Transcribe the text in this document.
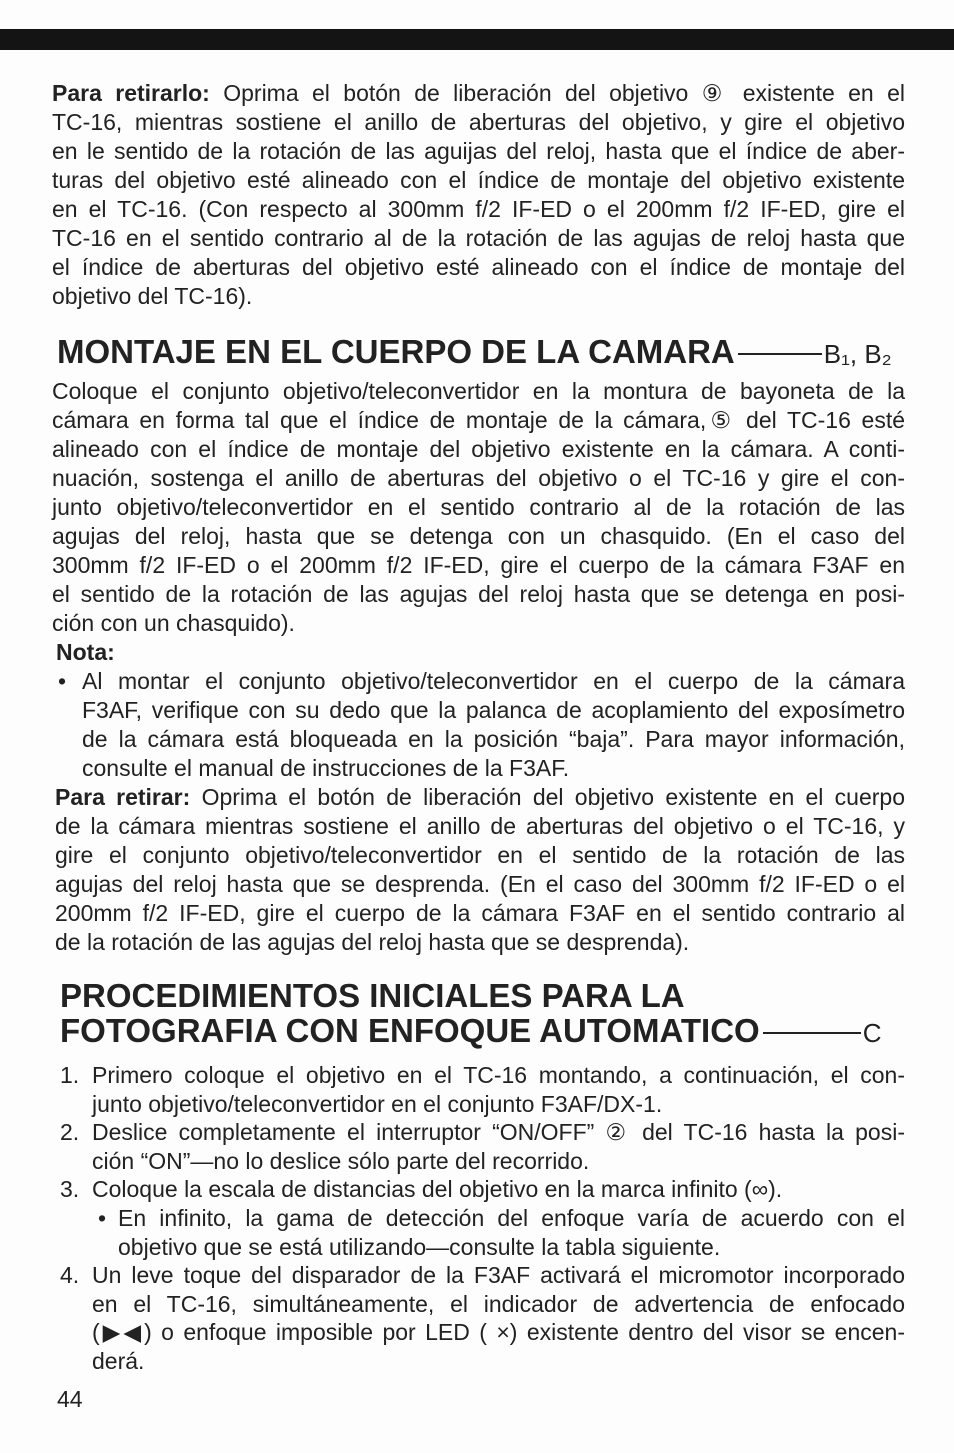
Para retirarlo: Oprima el botón de liberación del objetivo ⑨ existente en el
TC-16, mientras sostiene el anillo de aberturas del objetivo, y gire el objetivo
en le sentido de la rotación de las aguijas del reloj, hasta que el índice de aber-
turas del objetivo esté alineado con el índice de montaje del objetivo existente
en el TC-16. (Con respecto al 300mm f/2 IF-ED o el 200mm f/2 IF-ED, gire el
TC-16 en el sentido contrario al de la rotación de las agujas de reloj hasta que
el índice de aberturas del objetivo esté alineado con el índice de montaje del
objetivo del TC-16).
MONTAJE EN EL CUERPO DE LA CAMARA	B₁, B₂
Coloque el conjunto objetivo/teleconvertidor en la montura de bayoneta de la
cámara en forma tal que el índice de montaje de la cámara,⑤ del TC-16 esté
alineado con el índice de montaje del objetivo existente en la cámara. A conti-
nuación, sostenga el anillo de aberturas del objetivo o el TC-16 y gire el con-
junto objetivo/teleconvertidor en el sentido contrario al de la rotación de las
agujas del reloj, hasta que se detenga con un chasquido. (En el caso del
300mm f/2 IF-ED o el 200mm f/2 IF-ED, gire el cuerpo de la cámara F3AF en
el sentido de la rotación de las agujas del reloj hasta que se detenga en posi-
ción con un chasquido).
Nota:
• Al montar el conjunto objetivo/teleconvertidor en el cuerpo de la cámara
F3AF, verifique con su dedo que la palanca de acoplamiento del exposímetro
de la cámara está bloqueada en la posición “baja”. Para mayor información,
consulte el manual de instrucciones de la F3AF.
Para retirar: Oprima el botón de liberación del objetivo existente en el cuerpo
de la cámara mientras sostiene el anillo de aberturas del objetivo o el TC-16, y
gire el conjunto objetivo/teleconvertidor en el sentido de la rotación de las
agujas del reloj hasta que se desprenda. (En el caso del 300mm f/2 IF-ED o el
200mm f/2 IF-ED, gire el cuerpo de la cámara F3AF en el sentido contrario al
de la rotación de las agujas del reloj hasta que se desprenda).
PROCEDIMIENTOS INICIALES PARA LA
FOTOGRAFIA CON ENFOQUE AUTOMATICO	C
1. Primero coloque el objetivo en el TC-16 montando, a continuación, el con-
junto objetivo/teleconvertidor en el conjunto F3AF/DX-1.
2. Deslice completamente el interruptor “ON/OFF” ② del TC-16 hasta la posi-
ción “ON”—no lo deslice sólo parte del recorrido.
3. Coloque la escala de distancias del objetivo en la marca infinito (∞).
• En infinito, la gama de detección del enfoque varía de acuerdo con el
objetivo que se está utilizando—consulte la tabla siguiente.
4. Un leve toque del disparador de la F3AF activará el micromotor incorporado
en el TC-16, simultáneamente, el indicador de advertencia de enfocado
(▶◀) o enfoque imposible por LED ( ×) existente dentro del visor se encen-
derá.
44
